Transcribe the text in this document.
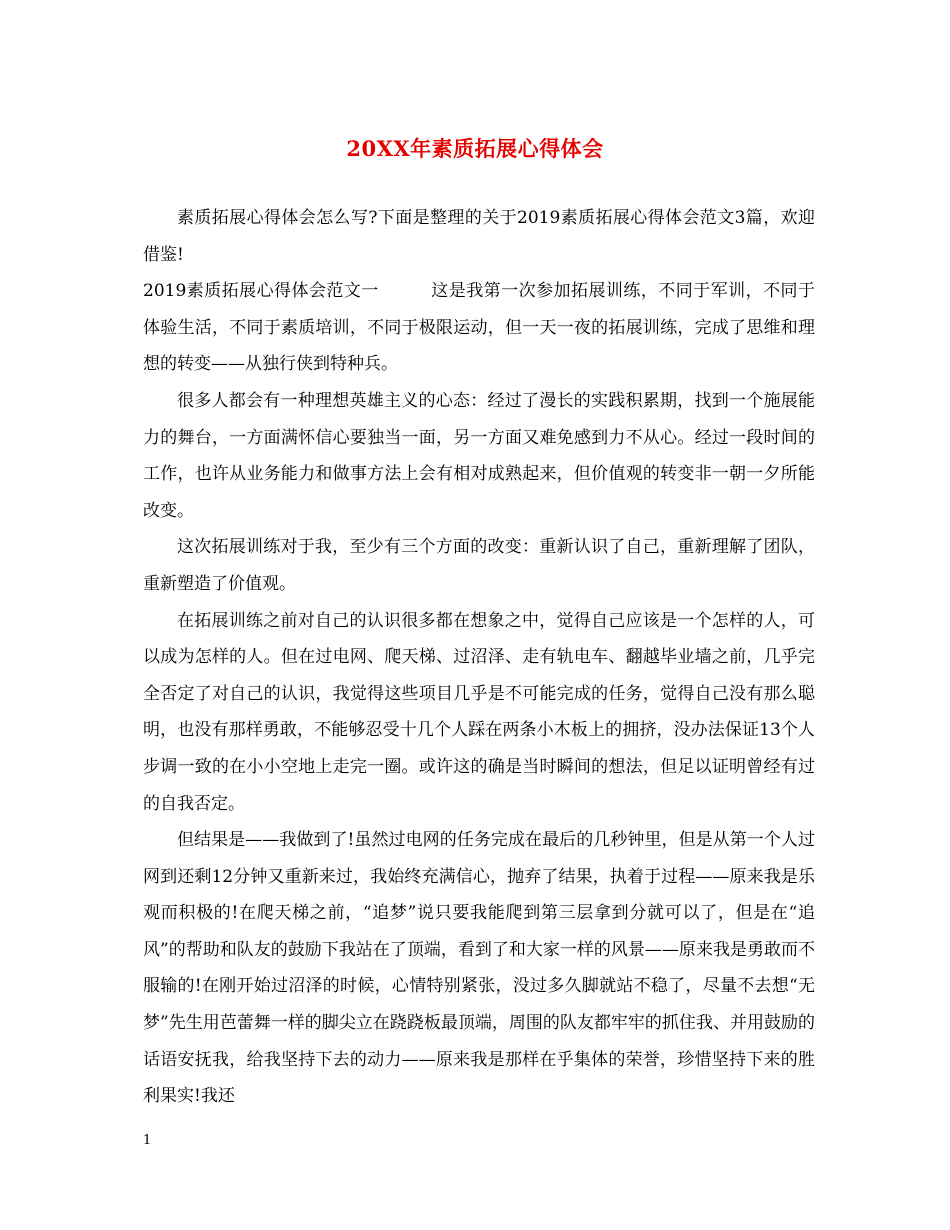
20XX年素质拓展心得体会

素质拓展心得体会怎么写?下面是整理的关于2019素质拓展心得体会范文3篇，欢迎借鉴!

2019素质拓展心得体会范文一	这是我第一次参加拓展训练，不同于军训，不同于体验生活，不同于素质培训，不同于极限运动，但一天一夜的拓展训练，完成了思维和理想的转变——从独行侠到特种兵。

很多人都会有一种理想英雄主义的心态：经过了漫长的实践积累期，找到一个施展能力的舞台，一方面满怀信心要独当一面，另一方面又难免感到力不从心。经过一段时间的工作，也许从业务能力和做事方法上会有相对成熟起来，但价值观的转变非一朝一夕所能改变。

这次拓展训练对于我，至少有三个方面的改变：重新认识了自己，重新理解了团队，重新塑造了价值观。

在拓展训练之前对自己的认识很多都在想象之中，觉得自己应该是一个怎样的人，可以成为怎样的人。但在过电网、爬天梯、过沼泽、走有轨电车、翻越毕业墙之前，几乎完全否定了对自己的认识，我觉得这些项目几乎是不可能完成的任务，觉得自己没有那么聪明，也没有那样勇敢，不能够忍受十几个人踩在两条小木板上的拥挤，没办法保证13个人步调一致的在小小空地上走完一圈。或许这的确是当时瞬间的想法，但足以证明曾经有过的自我否定。

但结果是——我做到了!虽然过电网的任务完成在最后的几秒钟里，但是从第一个人过网到还剩12分钟又重新来过，我始终充满信心，抛弃了结果，执着于过程——原来我是乐观而积极的!在爬天梯之前，“追梦”说只要我能爬到第三层拿到分就可以了，但是在“追风”的帮助和队友的鼓励下我站在了顶端，看到了和大家一样的风景——原来我是勇敢而不服输的!在刚开始过沼泽的时候，心情特别紧张，没过多久脚就站不稳了，尽量不去想“无梦”先生用芭蕾舞一样的脚尖立在跷跷板最顶端，周围的队友都牢牢的抓住我、并用鼓励的话语安抚我，给我坚持下去的动力——原来我是那样在乎集体的荣誉，珍惜坚持下来的胜利果实!我还

1
